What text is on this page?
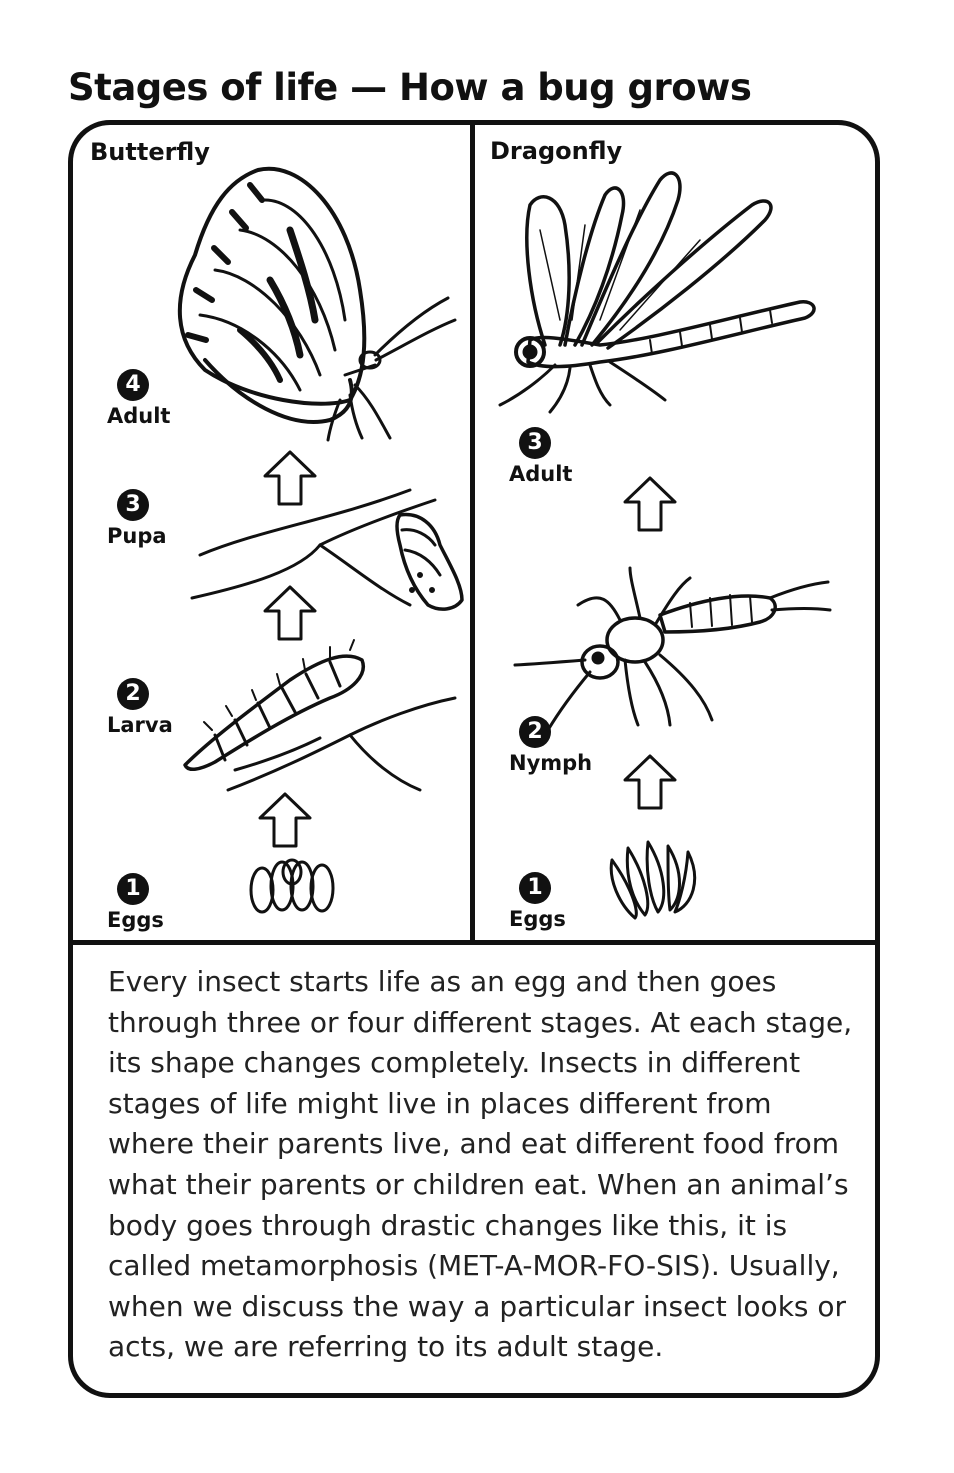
Stages of life — How a bug grows
Butterfly	Dragonfly
4
Adult
3
Pupa
2
Larva
1
Eggs
3
Adult
2
Nymph
1
Eggs

Every insect starts life as an egg and then goes through three or four different stages. At each stage, its shape changes completely. Insects in different stages of life might live in places different from where their parents live, and eat different food from what their parents or children eat. When an animal’s body goes through drastic changes like this, it is called metamorphosis (MET-A-MOR-FO-SIS). Usually, when we discuss the way a particular insect looks or acts, we are referring to its adult stage.
